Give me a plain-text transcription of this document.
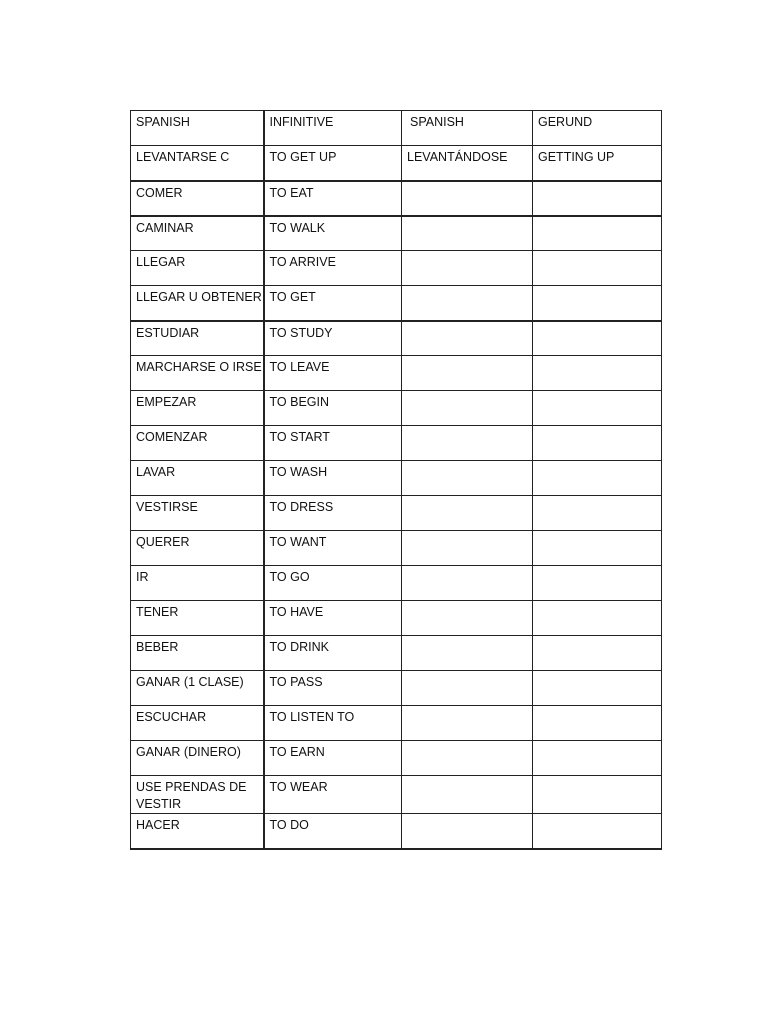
SPANISH	INFINITIVE	SPANISH	GERUND
LEVANTARSE C	TO GET UP	LEVANTÁNDOSE	GETTING UP
COMER	TO EAT		
CAMINAR	TO WALK		
LLEGAR	TO ARRIVE		
LLEGAR U OBTENER	TO GET		
ESTUDIAR	TO STUDY		
MARCHARSE O IRSE	TO LEAVE		
EMPEZAR	TO BEGIN		
COMENZAR	TO START		
LAVAR	TO WASH		
VESTIRSE	TO DRESS		
QUERER	TO WANT		
IR	TO GO		
TENER	TO HAVE		
BEBER	TO DRINK		
GANAR (1 CLASE)	TO PASS		
ESCUCHAR	TO LISTEN TO		
GANAR (DINERO)	TO EARN		
USE PRENDAS DE VESTIR	TO WEAR		
HACER	TO DO		
